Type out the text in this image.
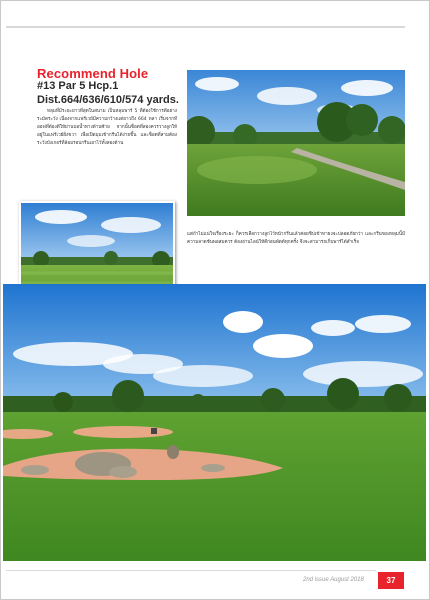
Recommend Hole
#13 Par 5 Hcp.1
Dist.664/636/610/574 yards.
หลุมที่มีระยะยาวที่สุดในสนาม เป็นหลุมพาร์ 5 ที่ต้องใช้การตีอย่างระมัดระวัง เนื่องจากแฟร์เวย์มีความกว้างแต่ยาวถึง 664 หลา เริ่มจากทีออฟที่ต้องตีให้ผ่านบ่อน้ำทางด้านซ้าย จากนั้นช็อตที่สองควรวางลูกให้อยู่ในแฟร์เวย์ฝั่งขวา เพื่อเปิดมุมเข้ากรีนได้ง่ายขึ้น และช็อตที่สามต้องระวังบังเกอร์ที่ล้อมรอบกรีนเอาไว้ทั้งสองด้าน
แต่ถ้าไม่แน่ใจเรื่องระยะ ก็ควรเลือกวางลูกไว้หน้ากรีนแล้วค่อยชิปเข้าหาธงจะปลอดภัยกว่า และกรีนของหลุมนี้มีความลาดชันพอสมควร ต้องอ่านไลน์ให้ดีก่อนพัตต์ทุกครั้ง จึงจะสามารถเก็บพาร์ได้สำเร็จ
2nd issue August 2018	37
